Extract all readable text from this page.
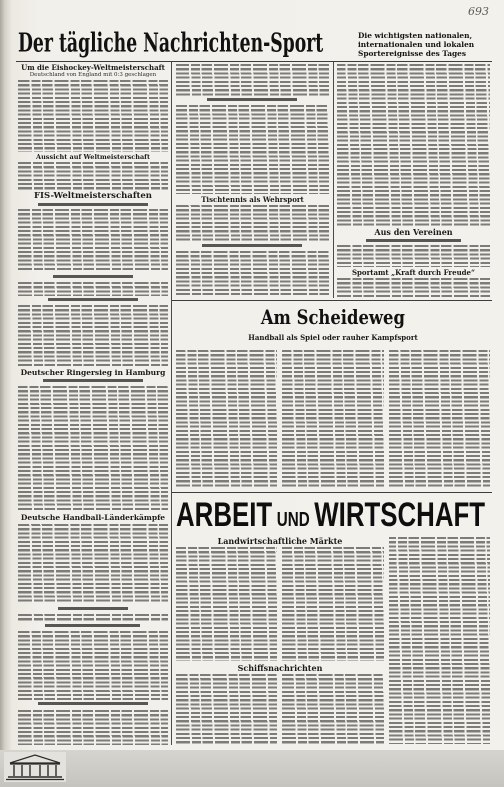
693
Der tägliche Nachrichten-Sport	Die wichtigsten nationalen, internationalen und lokalen Sportereignisse des Tages
Um die Eishockey-Weltmeisterschaft
Deutschland von England mit 0:3 geschlagen
Aussicht auf Weltmeisterschaft
FIS-Weltmeisterschaften
Deutscher Ringersieg in Hamburg
Deutsche Handball-Länderkämpfe
Tischtennis als Wehrsport
Aus den Vereinen
Sportamt „Kraft durch Freude“
Am Scheideweg
Handball als Spiel oder rauher Kampfsport
ARBEIT UND WIRTSCHAFT
Landwirtschaftliche Märkte
Schiffsnachrichten
